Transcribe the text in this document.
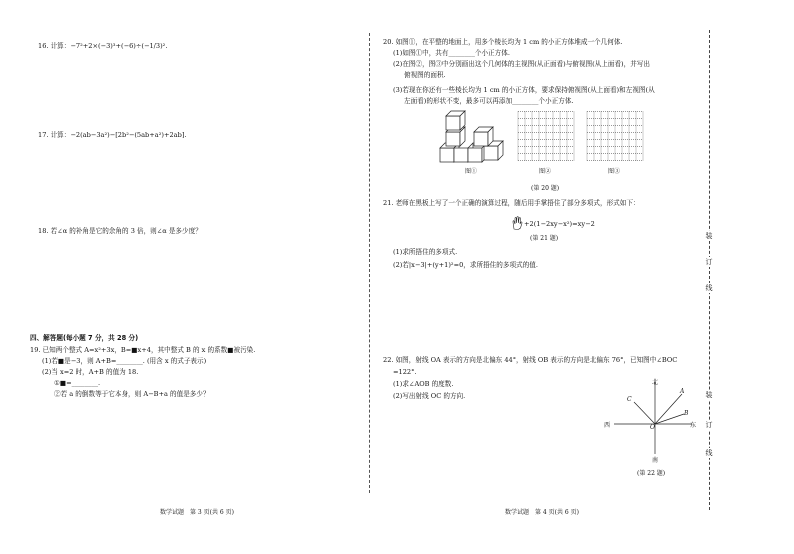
16. 计算：−7²+2×(−3)³+(−6)÷(−1/3)².
17. 计算：−2(ab−3a²)−[2b²−(5ab+a²)+2ab].
18. 若∠α 的补角是它的余角的 3 倍，则∠α 是多少度？
四、解答题(每小题 7 分，共 28 分)
19. 已知两个整式 A=x²+3x，B=■x+4，其中整式 B 的 x 的系数■被污染.
(1)若■是−3，则 A+B=________. (用含 x 的式子表示)
(2)当 x=2 时，A+B 的值为 18.
①■=________.
②若 a 的倒数等于它本身，则 A−B+a 的值是多少？
数学试题　第 3 页(共 6 页)
20. 如图①，在平整的地面上，用多个棱长均为 1 cm 的小正方体堆成一个几何体.
(1)如图①中，共有________个小正方体.
(2)在图②，图③中分别画出这个几何体的主视图(从正面看)与俯视图(从上面看)，并写出
俯视图的面积.
(3)若现在你还有一些棱长均为 1 cm 的小正方体，要求保持俯视图(从上面看)和左视图(从
左面看)的形状不变，最多可以再添加________个小正方体.
图①	图②	图③
(第 20 题)
21. 老师在黑板上写了一个正确的演算过程，随后用手掌捂住了部分多项式，形式如下：
+2(1−2xy−x²)=xy−2
(第 21 题)
(1)求所捂住的多项式.
(2)若|x−3|+(y+1)²=0，求所捂住的多项式的值.
22. 如图，射线 OA 表示的方向是北偏东 44°，射线 OB 表示的方向是北偏东 76°，已知图中∠BOC
=122°.
(1)求∠AOB 的度数.
(2)写出射线 OC 的方向.
北
南
西	东
A
B
C
O
(第 22 题)
数学试题　第 4 页(共 6 页)
装
订
线
装
订
线
